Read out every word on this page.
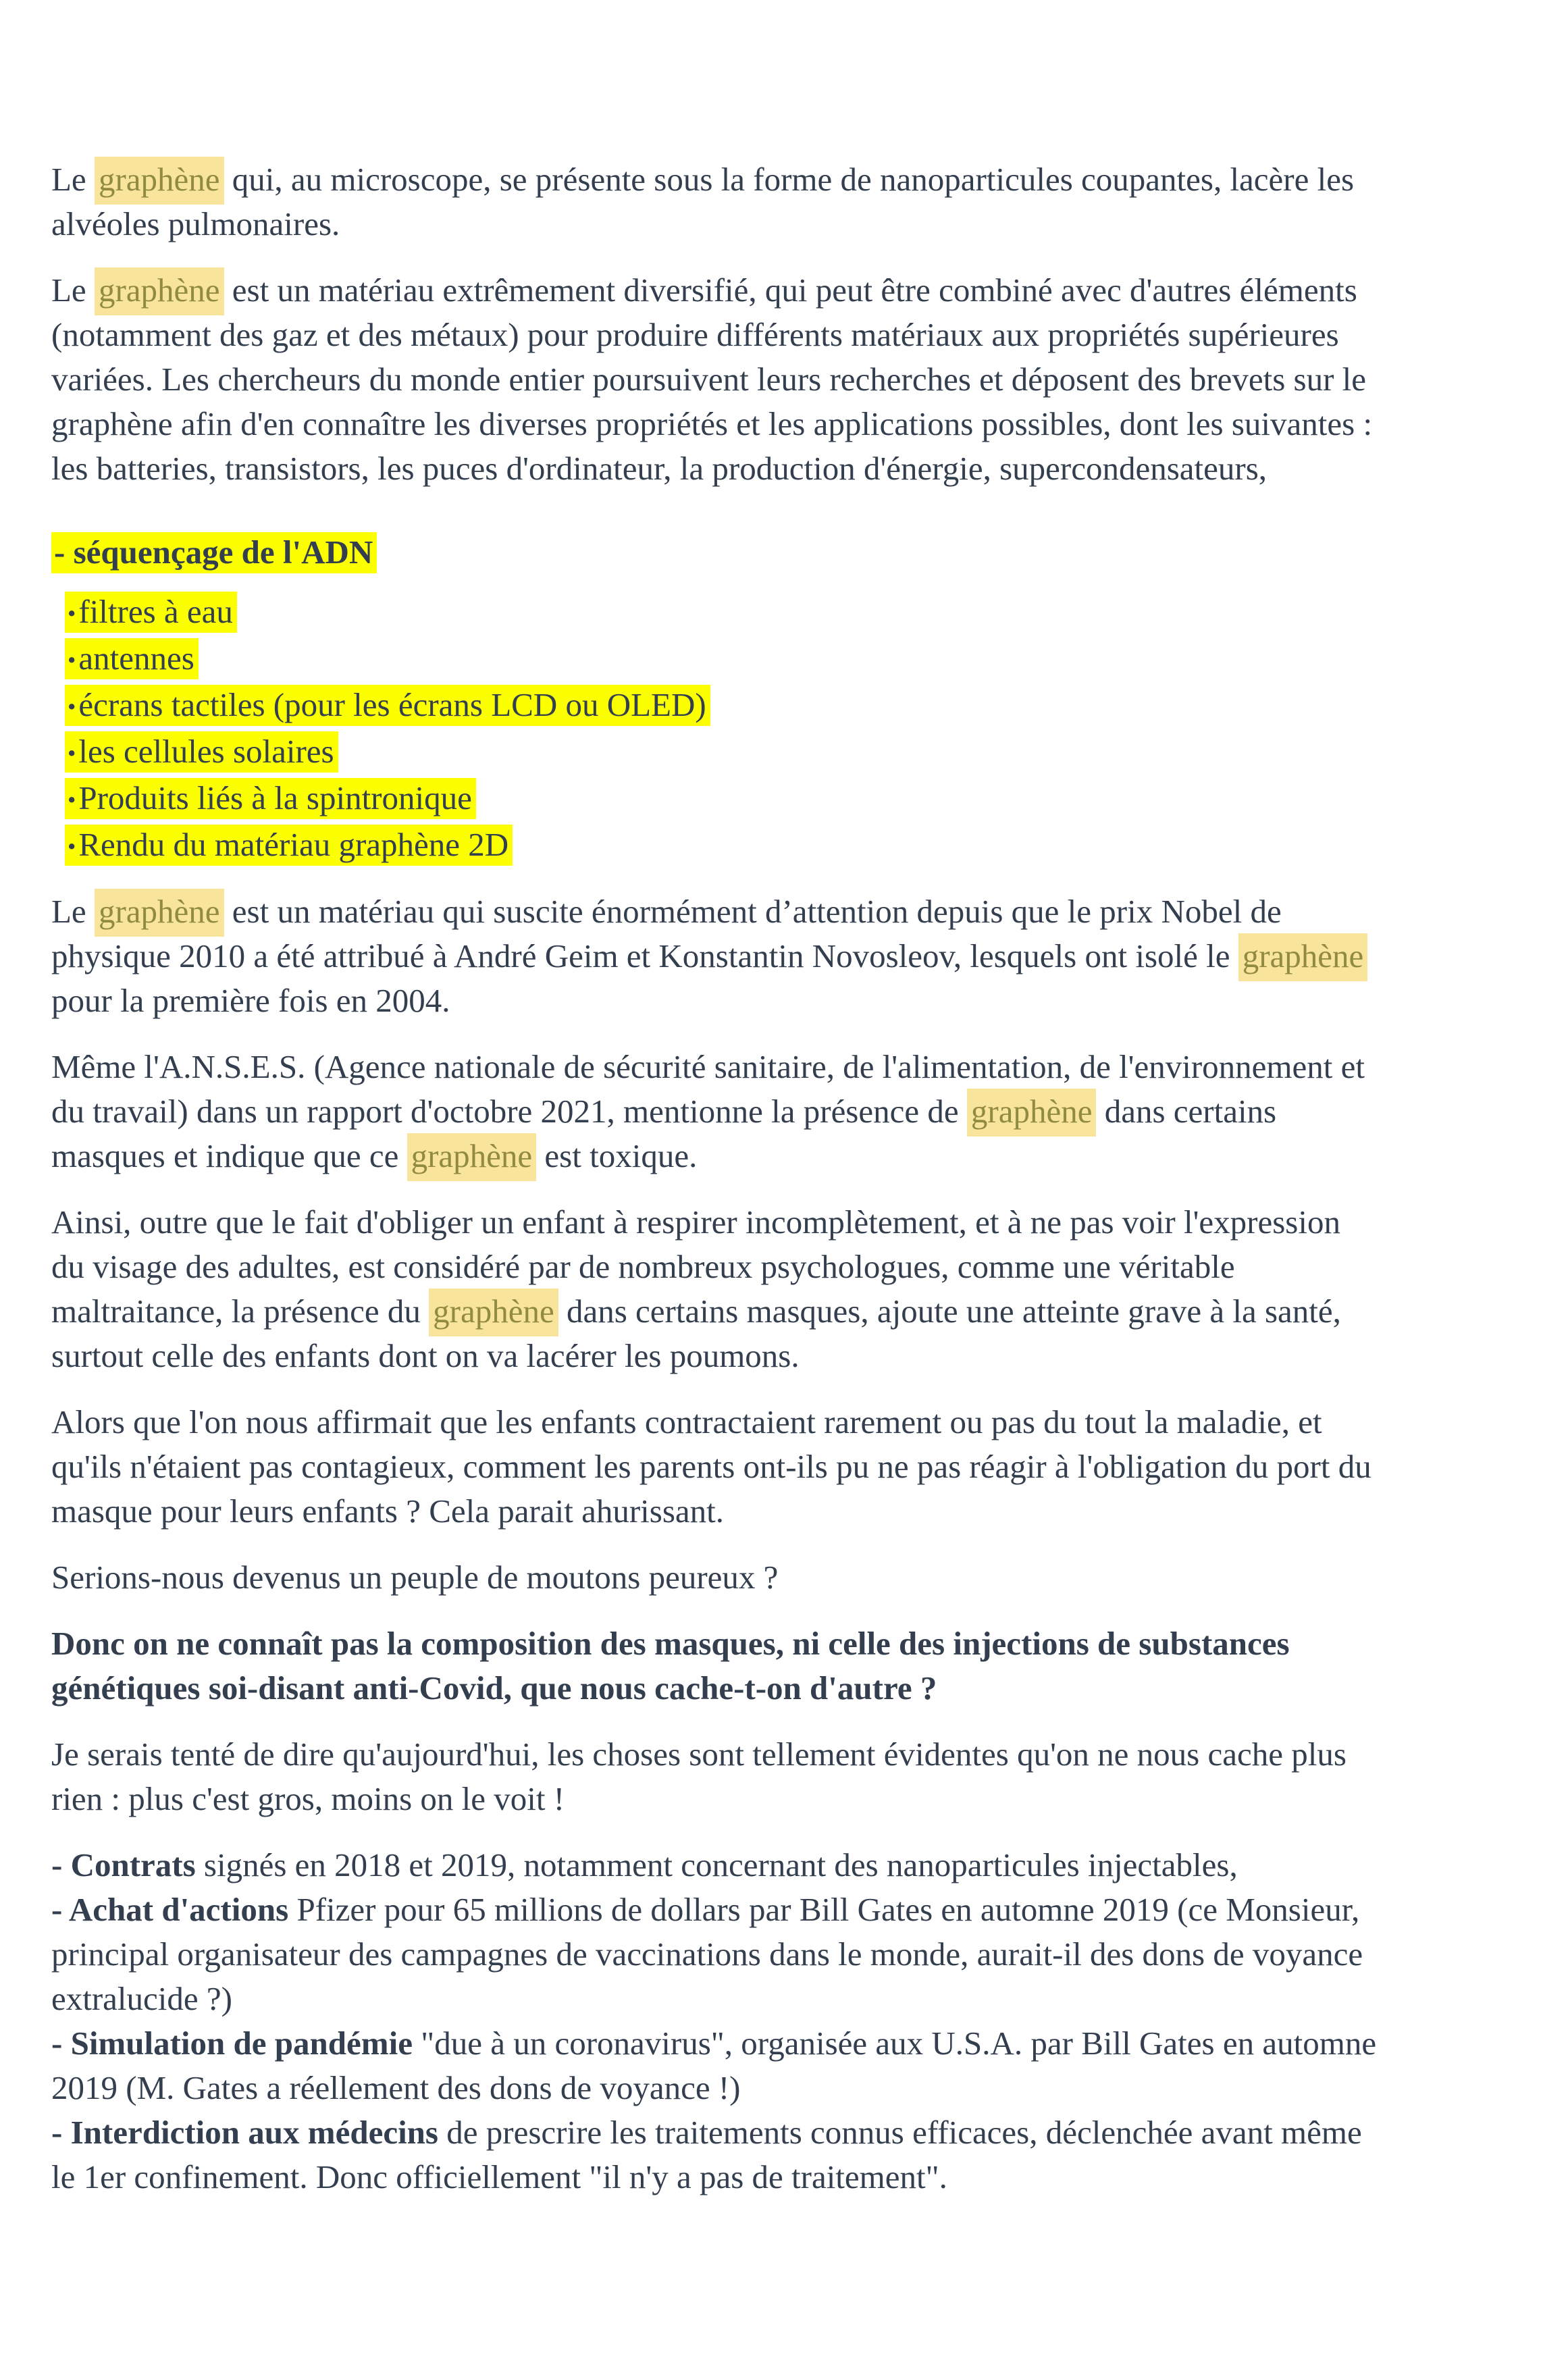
Le graphène qui, au microscope, se présente sous la forme de nanoparticules coupantes, lacère les alvéoles pulmonaires.

Le graphène est un matériau extrêmement diversifié, qui peut être combiné avec d'autres éléments (notamment des gaz et des métaux) pour produire différents matériaux aux propriétés supérieures variées. Les chercheurs du monde entier poursuivent leurs recherches et déposent des brevets sur le graphène afin d'en connaître les diverses propriétés et les applications possibles, dont les suivantes : les batteries, transistors, les puces d'ordinateur, la production d'énergie, supercondensateurs,

- séquençage de l'ADN

•filtres à eau
•antennes
•écrans tactiles (pour les écrans LCD ou OLED)
•les cellules solaires
•Produits liés à la spintronique
•Rendu du matériau graphène 2D

Le graphène est un matériau qui suscite énormément d’attention depuis que le prix Nobel de physique 2010 a été attribué à André Geim et Konstantin Novosleov, lesquels ont isolé le graphène pour la première fois en 2004.

Même l'A.N.S.E.S. (Agence nationale de sécurité sanitaire, de l'alimentation, de l'environnement et du travail) dans un rapport d'octobre 2021, mentionne la présence de graphène dans certains masques et indique que ce graphène est toxique.

Ainsi, outre que le fait d'obliger un enfant à respirer incomplètement, et à ne pas voir l'expression du visage des adultes, est considéré par de nombreux psychologues, comme une véritable maltraitance, la présence du graphène dans certains masques, ajoute une atteinte grave à la santé, surtout celle des enfants dont on va lacérer les poumons.

Alors que l'on nous affirmait que les enfants contractaient rarement ou pas du tout la maladie, et qu'ils n'étaient pas contagieux, comment les parents ont-ils pu ne pas réagir à l'obligation du port du masque pour leurs enfants ? Cela parait ahurissant.

Serions-nous devenus un peuple de moutons peureux ?

Donc on ne connaît pas la composition des masques, ni celle des injections de substances génétiques soi-disant anti-Covid, que nous cache-t-on d'autre ?

Je serais tenté de dire qu'aujourd'hui, les choses sont tellement évidentes qu'on ne nous cache plus rien : plus c'est gros, moins on le voit !

- Contrats signés en 2018 et 2019, notamment concernant des nanoparticules injectables,
- Achat d'actions Pfizer pour 65 millions de dollars par Bill Gates en automne 2019 (ce Monsieur, principal organisateur des campagnes de vaccinations dans le monde, aurait-il des dons de voyance extralucide ?)
- Simulation de pandémie "due à un coronavirus", organisée aux U.S.A. par Bill Gates en automne 2019 (M. Gates a réellement des dons de voyance !)
- Interdiction aux médecins de prescrire les traitements connus efficaces, déclenchée avant même le 1er confinement. Donc officiellement "il n'y a pas de traitement".
